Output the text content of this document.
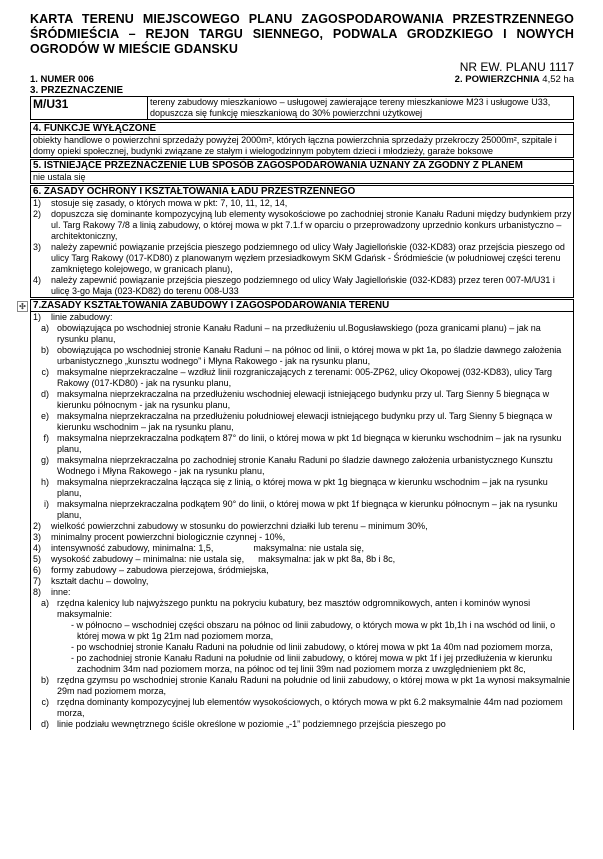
KARTA TERENU MIEJSCOWEGO PLANU ZAGOSPODAROWANIA PRZESTRZENNEGO ŚRÓDMIEŚCIA – REJON TARGU SIENNEGO, PODWALA GRODZKIEGO I NOWYCH OGRODÓW W MIEŚCIE GDANSKU
NR EW. PLANU 1117
1. NUMER 006	2. POWIERZCHNIA 4,52 ha
3. PRZEZNACZENIE
M/U31	tereny zabudowy mieszkaniowo – usługowej zawierające tereny mieszkaniowe M23 i usługowe U33, dopuszcza się funkcję mieszkaniową do 30% powierzchni użytkowej
4. FUNKCJE WYŁĄCZONE
obiekty handlowe o powierzchni sprzedaży powyżej 2000m², których łączna powierzchnia sprzedaży przekroczy 25000m², szpitale i domy opieki społecznej, budynki związane ze stałym i wielogodzinnym pobytem dzieci i młodzieży, garaże boksowe
5. ISTNIEJĄCE PRZEZNACZENIE LUB SPOSÓB ZAGOSPODAROWANIA UZNANY ZA ZGODNY Z PLANEM
nie ustala się
6. ZASADY OCHRONY I KSZTAŁTOWANIA ŁADU PRZESTRZENNEGO
1)	stosuje się zasady, o których mowa w pkt: 7, 10, 11, 12, 14,
2)	dopuszcza się dominante kompozycyjną lub elementy wysokościowe po zachodniej stronie Kanału Raduni między budynkiem przy ul. Targ Rakowy 7/8 a linią zabudowy, o której mowa w pkt 7.1.f w oparciu o przeprowadzony uprzednio konkurs urbanistyczno – architektoniczny,
3)	należy zapewnić powiązanie przejścia pieszego podziemnego od ulicy Wały Jagiellońskie (032-KD83) oraz przejścia pieszego od ulicy Targ Rakowy (017-KD80) z planowanym węzłem przesiadkowym SKM Gdańsk - Śródmieście (w południowej części terenu zamkniętego kolejowego, w granicach planu),
4)	należy zapewnić powiązanie przejścia pieszego podziemnego od ulicy Wały Jagiellońskie (032-KD83) przez teren 007-M/U31 i ulicę 3-go Maja (023-KD82) do terenu 008-U33
✣ 7.ZASADY KSZTAŁTOWANIA ZABUDOWY I ZAGOSPODAROWANIA TERENU
1)	linie zabudowy:
a) obowiązująca po wschodniej stronie Kanału Raduni – na przedłużeniu ul.Bogusławskiego (poza granicami planu) – jak na rysunku planu,
b) obowiązująca po wschodniej stronie Kanału Raduni – na północ od linii, o której mowa w pkt 1a, po śladzie dawnego założenia urbanistycznego „kunsztu wodnego” i Młyna Rakowego - jak na rysunku planu,
c) maksymalne nieprzekraczalne – wzdłuż linii rozgraniczających z terenami: 005-ZP62, ulicy Okopowej (032-KD83), ulicy Targ Rakowy (017-KD80) - jak na rysunku planu,
d) maksymalna nieprzekraczalna na przedłużeniu wschodniej elewacji istniejącego budynku przy ul. Targ Sienny 5 biegnąca w kierunku północnym - jak na rysunku planu,
e) maksymalna nieprzekraczalna na przedłużeniu południowej elewacji istniejącego budynku przy ul. Targ Sienny 5 biegnąca w kierunku wschodnim – jak na rysunku planu,
f) maksymalna nieprzekraczalna podkątem 87° do linii, o której mowa w pkt 1d biegnąca w kierunku wschodnim – jak na rysunku planu,
g) maksymalna nieprzekraczalna po zachodniej stronie Kanału Raduni po śladzie dawnego założenia urbanistycznego Kunsztu Wodnego i Młyna Rakowego - jak na rysunku planu,
h) maksymalna nieprzekraczalna łącząca się z linią, o której mowa w pkt 1g biegnąca w kierunku wschodnim – jak na rysunku planu,
i) maksymalna nieprzekraczalna podkątem 90° do linii, o której mowa w pkt 1f biegnąca w kierunku północnym – jak na rysunku planu,
2)	wielkość powierzchni zabudowy w stosunku do powierzchni działki lub terenu – minimum 30%,
3)	minimalny procent powierzchni biologicznie czynnej - 10%,
4)	intensywność zabudowy, minimalna: 1,5,	maksymalna: nie ustala się,
5)	wysokość zabudowy – minimalna: nie ustala się, maksymalna: jak w pkt 8a, 8b i 8c,
6)	formy zabudowy – zabudowa pierzejowa, śródmiejska,
7)	kształt dachu – dowolny,
8)	inne:
a) rzędna kalenicy lub najwyższego punktu na pokryciu kubatury, bez masztów odgromnikowych, anten i kominów wynosi maksymalnie:
- w północno – wschodniej części obszaru na północ od linii zabudowy, o których mowa w pkt 1b,1h i na wschód od linii, o której mowa w pkt 1g 21m nad poziomem morza,
- po wschodniej stronie Kanału Raduni na południe od linii zabudowy, o której mowa w pkt 1a 40m nad poziomem morza,
- po zachodniej stronie Kanału Raduni na południe od linii zabudowy, o której mowa w pkt 1f i jej przedłużenia w kierunku zachodnim 34m nad poziomem morza, na północ od tej linii 39m nad poziomem morza z uwzględnieniem pkt 8c,
b) rzędna gzymsu po wschodniej stronie Kanału Raduni na południe od linii zabudowy, o której mowa w pkt 1a wynosi maksymalnie 29m nad poziomem morza,
c) rzędna dominanty kompozycyjnej lub elementów wysokościowych, o których mowa w pkt 6.2 maksymalnie 44m nad poziomem morza,
d) linie podziału wewnętrznego ściśle określone w poziomie „-1” podziemnego przejścia pieszego po
